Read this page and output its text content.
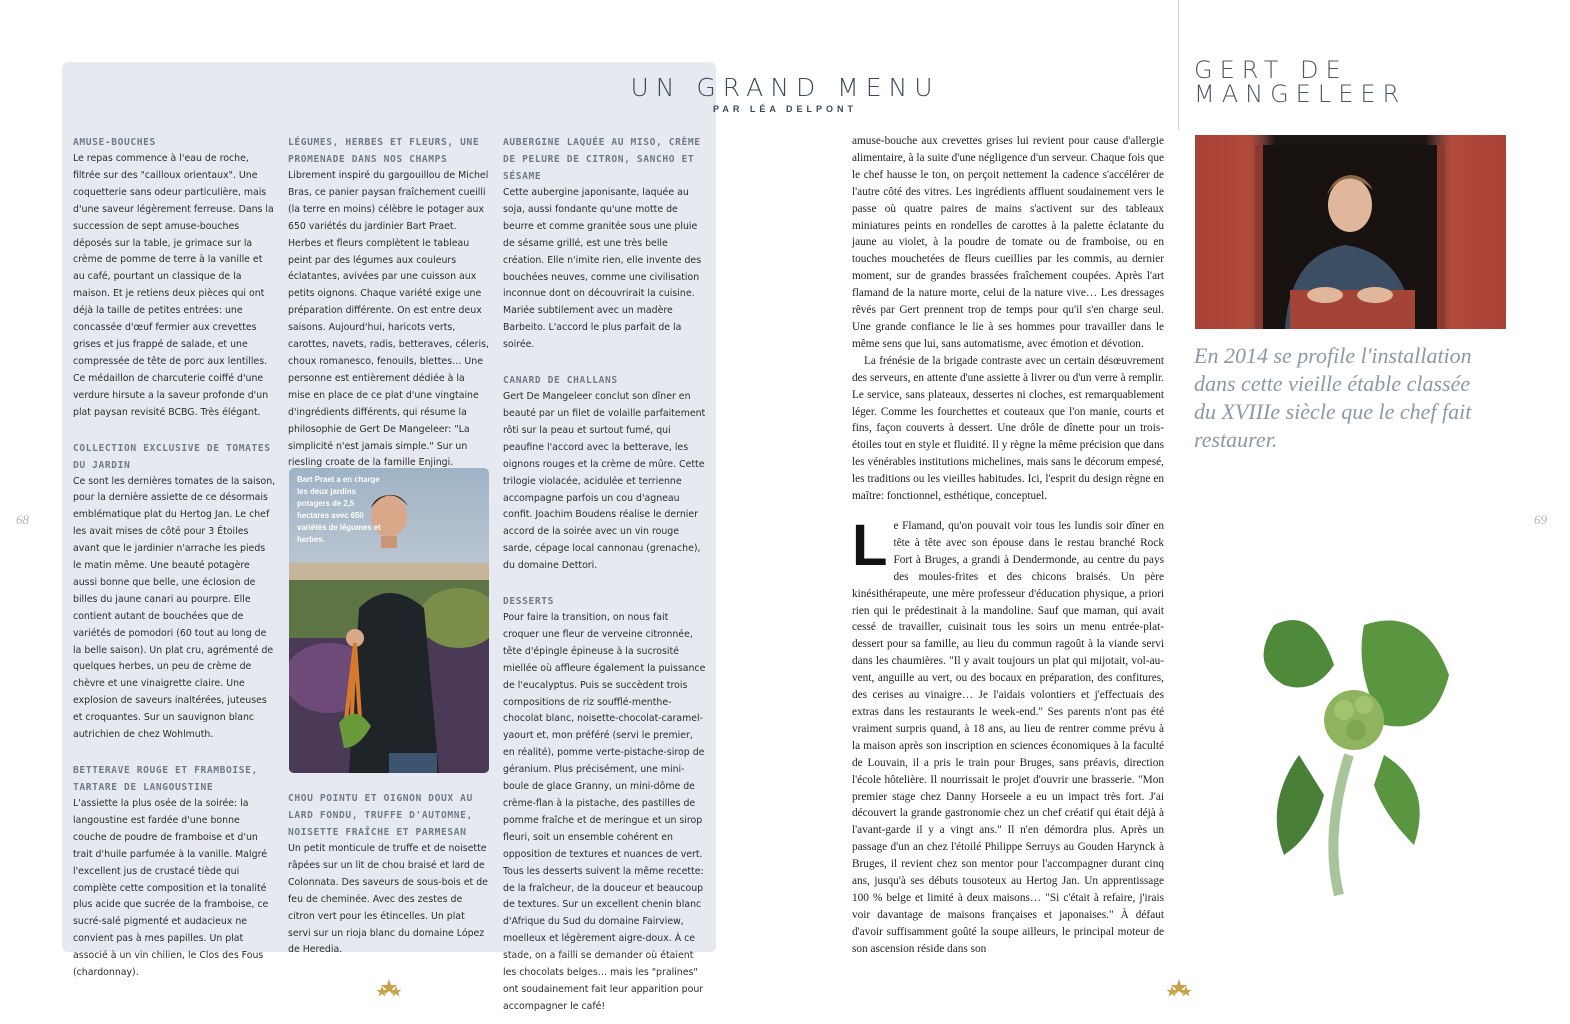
UN GRAND MENU
PAR LÉA DELPONT
AMUSE-BOUCHES

Le repas commence à l'eau de roche, filtrée sur des "cailloux orientaux". Une coquetterie sans odeur particulière, mais d'une saveur légèrement ferreuse. Dans la succession de sept amuse-bouches déposés sur la table, je grimace sur la crème de pomme de terre à la vanille et au café, pourtant un classique de la maison. Et je retiens deux pièces qui ont déjà la taille de petites entrées: une concassée d'œuf fermier aux crevettes grises et jus frappé de salade, et une compressée de tête de porc aux lentilles. Ce médaillon de charcuterie coiffé d'une verdure hirsute a la saveur profonde d'un plat paysan revisité BCBG. Très élégant.

COLLECTION EXCLUSIVE DE TOMATES DU JARDIN

Ce sont les dernières tomates de la saison, pour la dernière assiette de ce désormais emblématique plat du Hertog Jan. Le chef les avait mises de côté pour 3 Étoiles avant que le jardinier n'arrache les pieds le matin même. Une beauté potagère aussi bonne que belle, une éclosion de billes du jaune canari au pourpre. Elle contient autant de bouchées que de variétés de pomodori (60 tout au long de la belle saison). Un plat cru, agrémenté de quelques herbes, un peu de crème de chèvre et une vinaigrette claire. Une explosion de saveurs inaltérées, juteuses et croquantes. Sur un sauvignon blanc autrichien de chez Wohlmuth.

BETTERAVE ROUGE ET FRAMBOISE, TARTARE DE LANGOUSTINE

L'assiette la plus osée de la soirée: la langoustine est fardée d'une bonne couche de poudre de framboise et d'un trait d'huile parfumée à la vanille. Malgré l'excellent jus de crustacé tiède qui complète cette composition et la tonalité plus acide que sucrée de la framboise, ce sucré-salé pigmenté et audacieux ne convient pas à mes papilles. Un plat associé à un vin chilien, le Clos des Fous (chardonnay).

LÉGUMES, HERBES ET FLEURS, UNE PROMENADE DANS NOS CHAMPS

Librement inspiré du gargouillou de Michel Bras, ce panier paysan fraîchement cueilli (la terre en moins) célèbre le potager aux 650 variétés du jardinier Bart Praet. Herbes et fleurs complètent le tableau peint par des légumes aux couleurs éclatantes, avivées par une cuisson aux petits oignons. Chaque variété exige une préparation différente. On est entre deux saisons. Aujourd'hui, haricots verts, carottes, navets, radis, betteraves, céleris, choux romanesco, fenouils, blettes… Une personne est entièrement dédiée à la mise en place de ce plat d'une vingtaine d'ingrédients différents, qui résume la philosophie de Gert De Mangeleer: "La simplicité n'est jamais simple." Sur un riesling croate de la famille Enjingi.

CHOU POINTU ET OIGNON DOUX AU LARD FONDU, TRUFFE D'AUTOMNE, NOISETTE FRAÎCHE ET PARMESAN

Un petit monticule de truffe et de noisette râpées sur un lit de chou braisé et lard de Colonnata. Des saveurs de sous-bois et de feu de cheminée. Avec des zestes de citron vert pour les étincelles. Un plat servi sur un rioja blanc du domaine López de Heredia.

Bart Praet a en charge les deux jardins potagers de 2,5 hectares avec 650 variétés de légumes et herbes.
AUBERGINE LAQUÉE AU MISO, CRÈME DE PELURE DE CITRON, SANCHO ET SÉSAME

Cette aubergine japonisante, laquée au soja, aussi fondante qu'une motte de beurre et comme granitée sous une pluie de sésame grillé, est une très belle création. Elle n'imite rien, elle invente des bouchées neuves, comme une civilisation inconnue dont on découvrirait la cuisine. Mariée subtilement avec un madère Barbeito. L'accord le plus parfait de la soirée.

CANARD DE CHALLANS

Gert De Mangeleer conclut son dîner en beauté par un filet de volaille parfaitement rôti sur la peau et surtout fumé, qui peaufine l'accord avec la betterave, les oignons rouges et la crème de mûre. Cette trilogie violacée, acidulée et terrienne accompagne parfois un cou d'agneau confit. Joachim Boudens réalise le dernier accord de la soirée avec un vin rouge sarde, cépage local cannonau (grenache), du domaine Dettori.

DESSERTS

Pour faire la transition, on nous fait croquer une fleur de verveine citronnée, tête d'épingle épineuse à la sucrosité miellée où affleure également la puissance de l'eucalyptus. Puis se succèdent trois compositions de riz soufflé-menthe-chocolat blanc, noisette-chocolat-caramel-yaourt et, mon préféré (servi le premier, en réalité), pomme verte-pistache-sirop de géranium. Plus précisément, une mini-boule de glace Granny, un mini-dôme de crème-flan à la pistache, des pastilles de pomme fraîche et de meringue et un sirop fleuri, soit un ensemble cohérent en opposition de textures et nuances de vert. Tous les desserts suivent la même recette: de la fraîcheur, de la douceur et beaucoup de textures. Sur un excellent chenin blanc d'Afrique du Sud du domaine Fairview, moelleux et légèrement aigre-doux. À ce stade, on a failli se demander où étaient les chocolats belges… mais les "pralines" ont soudainement fait leur apparition pour accompagner le café!

68
GERT DE
MANGELEER
En 2014 se profile l'installation dans cette vieille étable classée du XVIIIe siècle que le chef fait restaurer.

amuse-bouche aux crevettes grises lui revient pour cause d'allergie alimentaire, à la suite d'une négligence d'un serveur. Chaque fois que le chef hausse le ton, on perçoit nettement la cadence s'accélérer de l'autre côté des vitres. Les ingrédients affluent soudainement vers le passe où quatre paires de mains s'activent sur des tableaux miniatures peints en rondelles de carottes à la palette éclatante du jaune au violet, à la poudre de tomate ou de framboise, ou en touches mouchetées de fleurs cueillies par les commis, au dernier moment, sur de grandes brassées fraîchement coupées. Après l'art flamand de la nature morte, celui de la nature vive… Les dressages rêvés par Gert prennent trop de temps pour qu'il s'en charge seul. Une grande confiance le lie à ses hommes pour travailler dans le même sens que lui, sans automatisme, avec émotion et dévotion.

La frénésie de la brigade contraste avec un certain désœuvrement des serveurs, en attente d'une assiette à livrer ou d'un verre à remplir. Le service, sans plateaux, dessertes ni cloches, est remarquablement léger. Comme les fourchettes et couteaux que l'on manie, courts et fins, façon couverts à dessert. Une drôle de dînette pour un trois-étoiles tout en style et fluidité. Il y règne la même précision que dans les vénérables institutions michelines, mais sans le décorum empesé, les traditions ou les vieilles habitudes. Ici, l'esprit du design règne en maître: fonctionnel, esthétique, conceptuel.

L e Flamand, qu'on pouvait voir tous les lundis soir dîner en tête à tête avec son épouse dans le restau branché Rock Fort à Bruges, a grandi à Dendermonde, au centre du pays des moules-frites et des chicons braisés. Un père kinésithérapeute, une mère professeur d'éducation physique, a priori rien qui le prédestinait à la mandoline. Sauf que maman, qui avait cessé de travailler, cuisinait tous les soirs un menu entrée-plat-dessert pour sa famille, au lieu du commun ragoût à la viande servi dans les chaumières. "Il y avait toujours un plat qui mijotait, vol-au-vent, anguille au vert, ou des bocaux en préparation, des confitures, des cerises au vinaigre… Je l'aidais volontiers et j'effectuais des extras dans les restaurants le week-end." Ses parents n'ont pas été vraiment surpris quand, à 18 ans, au lieu de rentrer comme prévu à la maison après son inscription en sciences économiques à la faculté de Louvain, il a pris le train pour Bruges, sans préavis, direction l'école hôtelière. Il nourrissait le projet d'ouvrir une brasserie. "Mon premier stage chez Danny Horseele a eu un impact très fort. J'ai découvert la grande gastronomie chez un chef créatif qui était déjà à l'avant-garde il y a vingt ans." Il n'en démordra plus. Après un passage d'un an chez l'étoilé Philippe Serruys au Gouden Harynck à Bruges, il revient chez son mentor pour l'accompagner durant cinq ans, jusqu'à ses débuts tousoteux au Hertog Jan. Un apprentissage 100 % belge et limité à deux maisons… "Si c'était à refaire, j'irais voir davantage de maisons françaises et japonaises." À défaut d'avoir suffisamment goûté la soupe ailleurs, le principal moteur de son ascension réside dans son
69
